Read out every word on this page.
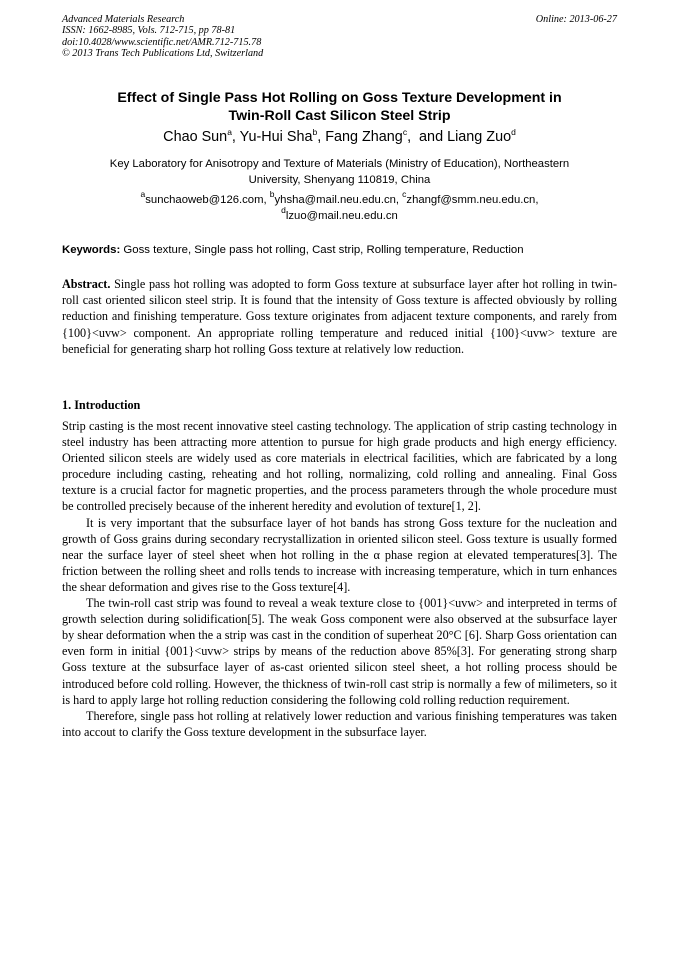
Advanced Materials Research
ISSN: 1662-8985, Vols. 712-715, pp 78-81
doi:10.4028/www.scientific.net/AMR.712-715.78
© 2013 Trans Tech Publications Ltd, Switzerland
Online: 2013-06-27
Effect of Single Pass Hot Rolling on Goss Texture Development in
Twin-Roll Cast Silicon Steel Strip
Chao Sun$^a$, Yu-Hui Sha$^b$, Fang Zhang$^c$,  and Liang Zuo$^d$
Key Laboratory for Anisotropy and Texture of Materials (Ministry of Education), Northeastern
University, Shenyang 110819, China
$^a$sunchaoweb@126.com, $^b$yhsha@mail.neu.edu.cn, $^c$zhangf@smm.neu.edu.cn,
$^d$lzuo@mail.neu.edu.cn
Keywords: Goss texture, Single pass hot rolling, Cast strip, Rolling temperature, Reduction

Abstract. Single pass hot rolling was adopted to form Goss texture at subsurface layer after hot rolling in twin-roll cast oriented silicon steel strip. It is found that the intensity of Goss texture is affected obviously by rolling reduction and finishing temperature. Goss texture originates from adjacent texture components, and rarely from {100}<uvw> component. An appropriate rolling temperature and reduced initial {100}<uvw> texture are beneficial for generating sharp hot rolling Goss texture at relatively low reduction.

1. Introduction

Strip casting is the most recent innovative steel casting technology. The application of strip casting technology in steel industry has been attracting more attention to pursue for high grade products and high energy efficiency. Oriented silicon steels are widely used as core materials in electrical facilities, which are fabricated by a long procedure including casting, reheating and hot rolling, normalizing, cold rolling and annealing. Final Goss texture is a crucial factor for magnetic properties, and the process parameters through the whole procedure must be controlled precisely because of the inherent heredity and evolution of texture[1, 2].

It is very important that the subsurface layer of hot bands has strong Goss texture for the nucleation and growth of Goss grains during secondary recrystallization in oriented silicon steel. Goss texture is usually formed near the surface layer of steel sheet when hot rolling in the α phase region at elevated temperatures[3]. The friction between the rolling sheet and rolls tends to increase with increasing temperature, which in turn enhances the shear deformation and gives rise to the Goss texture[4].

The twin-roll cast strip was found to reveal a weak texture close to {001}<uvw> and interpreted in terms of growth selection during solidification[5]. The weak Goss component were also observed at the subsurface layer by shear deformation when the a strip was cast in the condition of superheat 20°C [6]. Sharp Goss orientation can even form in initial {001}<uvw> strips by means of the reduction above 85%[3]. For generating strong sharp Goss texture at the subsurface layer of as-cast oriented silicon steel sheet, a hot rolling process should be introduced before cold rolling. However, the thickness of twin-roll cast strip is normally a few of milimeters, so it is hard to apply large hot rolling reduction considering the following cold rolling reduction requirement.

Therefore, single pass hot rolling at relatively lower reduction and various finishing temperatures was taken into accout to clarify the Goss texture development in the subsurface layer.
